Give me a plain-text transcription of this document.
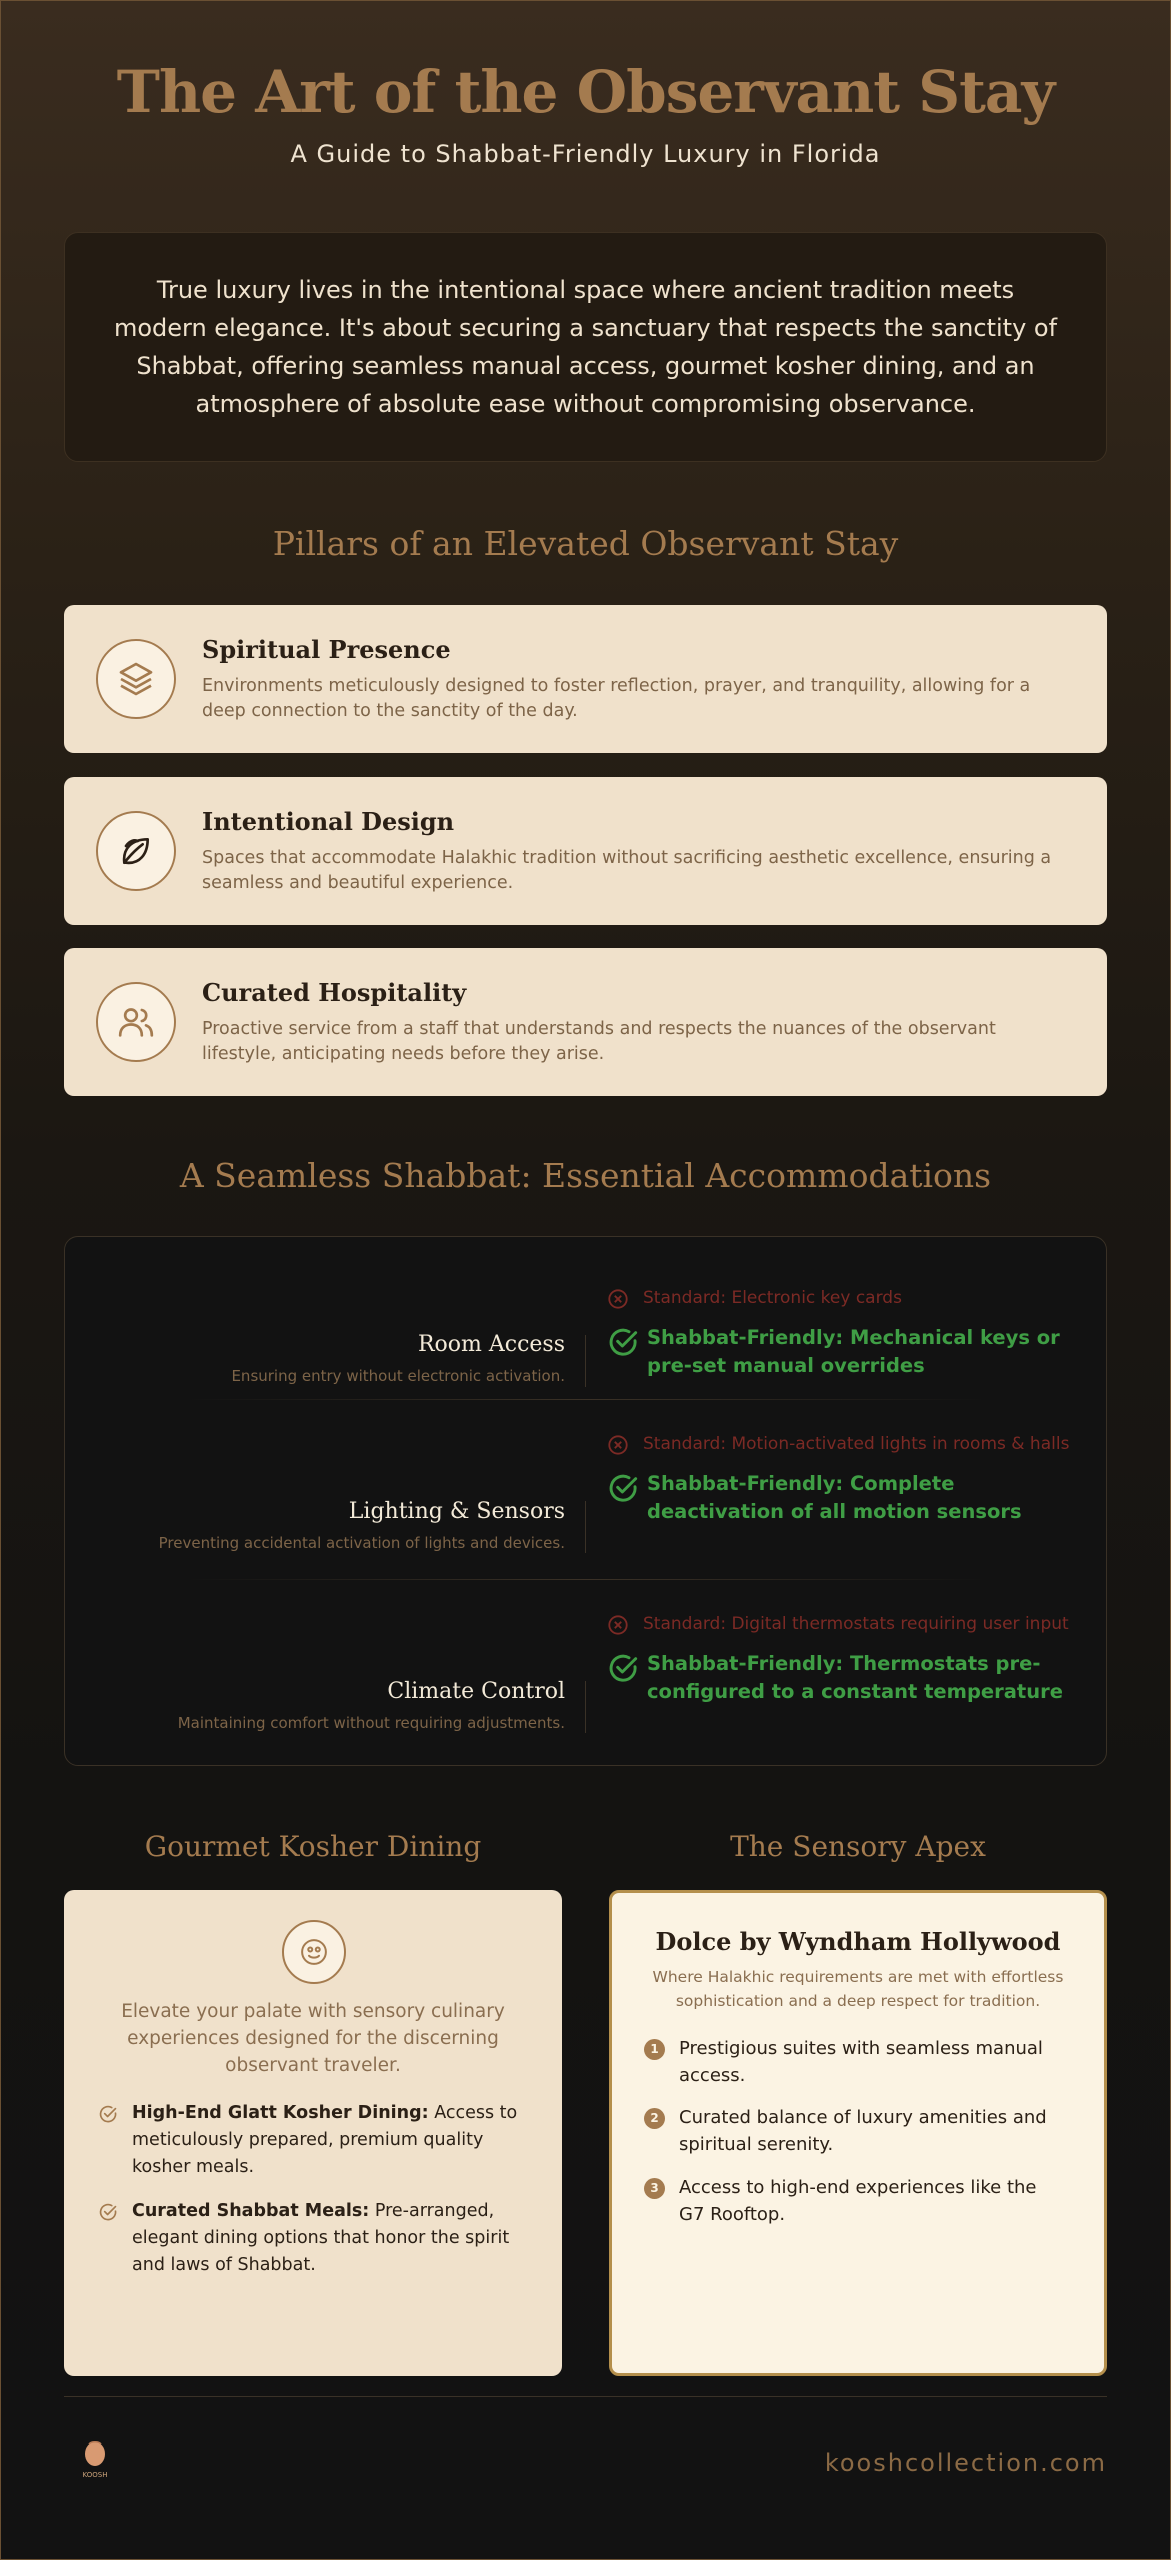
The Art of the Observant Stay
A Guide to Shabbat-Friendly Luxury in Florida
True luxury lives in the intentional space where ancient tradition meets modern elegance. It's about securing a sanctuary that respects the sanctity of Shabbat, offering seamless manual access, gourmet kosher dining, and an atmosphere of absolute ease without compromising observance.
Pillars of an Elevated Observant Stay
Spiritual Presence
Environments meticulously designed to foster reflection, prayer, and tranquility, allowing for a deep connection to the sanctity of the day.
Intentional Design
Spaces that accommodate Halakhic tradition without sacrificing aesthetic excellence, ensuring a seamless and beautiful experience.
Curated Hospitality
Proactive service from a staff that understands and respects the nuances of the observant lifestyle, anticipating needs before they arise.
A Seamless Shabbat: Essential Accommodations
Room Access
Ensuring entry without electronic activation.
Standard: Electronic key cards
Shabbat-Friendly: Mechanical keys or pre-set manual overrides
Lighting & Sensors
Preventing accidental activation of lights and devices.
Standard: Motion-activated lights in rooms & halls
Shabbat-Friendly: Complete deactivation of all motion sensors
Climate Control
Maintaining comfort without requiring adjustments.
Standard: Digital thermostats requiring user input
Shabbat-Friendly: Thermostats pre-configured to a constant temperature
Gourmet Kosher Dining	The Sensory Apex
Elevate your palate with sensory culinary experiences designed for the discerning observant traveler.
High-End Glatt Kosher Dining: Access to meticulously prepared, premium quality kosher meals.
Curated Shabbat Meals: Pre-arranged, elegant dining options that honor the spirit and laws of Shabbat.
Dolce by Wyndham Hollywood
Where Halakhic requirements are met with effortless sophistication and a deep respect for tradition.
1	Prestigious suites with seamless manual access.
2	Curated balance of luxury amenities and spiritual serenity.
3	Access to high-end experiences like the G7 Rooftop.
KOOSH	kooshcollection.com
